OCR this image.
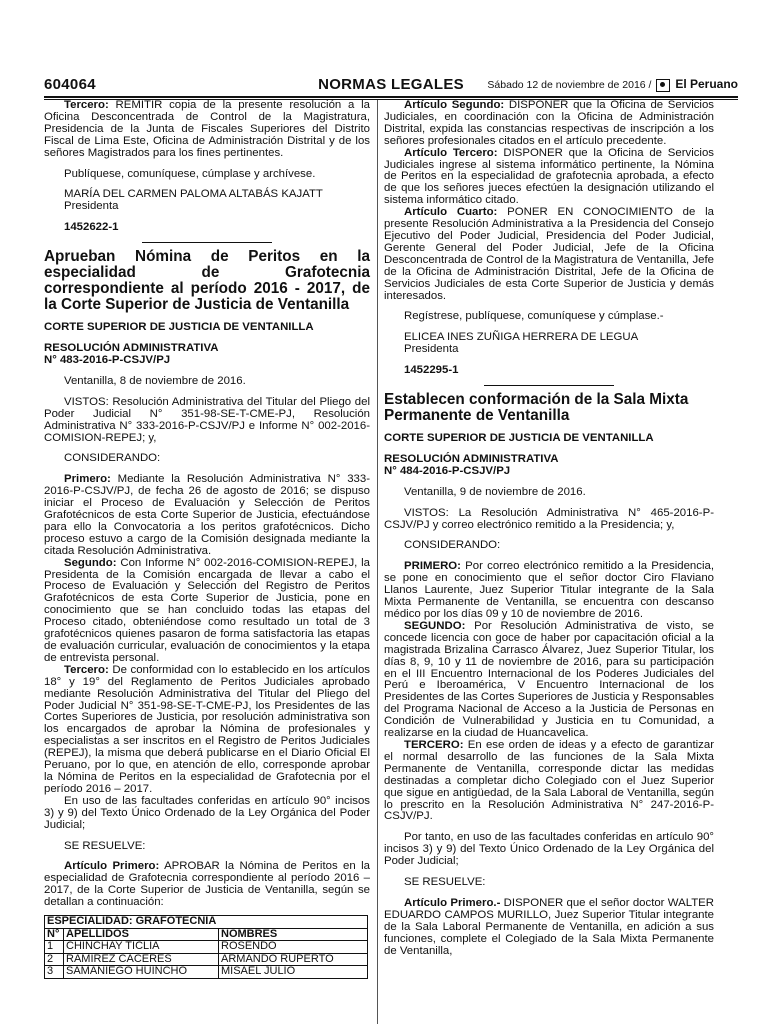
604064	NORMAS LEGALES	Sábado 12 de noviembre de 2016 / El Peruano

Tercero: REMITIR copia de la presente resolución a la Oficina Desconcentrada de Control de la Magistratura, Presidencia de la Junta de Fiscales Superiores del Distrito Fiscal de Lima Este, Oficina de Administración Distrital y de los señores Magistrados para los fines pertinentes.

Publíquese, comuníquese, cúmplase y archívese.

MARÍA DEL CARMEN PALOMA ALTABÁS KAJATT

Presidenta

1452622-1

Aprueban Nómina de Peritos en la especialidad de Grafotecnia correspondiente al período 2016 - 2017, de la Corte Superior de Justicia de Ventanilla

CORTE SUPERIOR DE JUSTICIA DE VENTANILLA

RESOLUCIÓN ADMINISTRATIVA

N° 483-2016-P-CSJV/PJ

Ventanilla, 8 de noviembre de 2016.

VISTOS: Resolución Administrativa del Titular del Pliego del Poder Judicial N° 351-98-SE-T-CME-PJ, Resolución Administrativa N° 333-2016-P-CSJV/PJ e Informe N° 002-2016-COMISION-REPEJ; y,

CONSIDERANDO:

Primero: Mediante la Resolución Administrativa N° 333-2016-P-CSJV/PJ, de fecha 26 de agosto de 2016; se dispuso iniciar el Proceso de Evaluación y Selección de Peritos Grafotécnicos de esta Corte Superior de Justicia, efectuándose para ello la Convocatoria a los peritos grafotécnicos. Dicho proceso estuvo a cargo de la Comisión designada mediante la citada Resolución Administrativa.

Segundo: Con Informe N° 002-2016-COMISION-REPEJ, la Presidenta de la Comisión encargada de llevar a cabo el Proceso de Evaluación y Selección del Registro de Peritos Grafotécnicos de esta Corte Superior de Justicia, pone en conocimiento que se han concluido todas las etapas del Proceso citado, obteniéndose como resultado un total de 3 grafotécnicos quienes pasaron de forma satisfactoria las etapas de evaluación curricular, evaluación de conocimientos y la etapa de entrevista personal.

Tercero: De conformidad con lo establecido en los artículos 18° y 19° del Reglamento de Peritos Judiciales aprobado mediante Resolución Administrativa del Titular del Pliego del Poder Judicial N° 351-98-SE-T-CME-PJ, los Presidentes de las Cortes Superiores de Justicia, por resolución administrativa son los encargados de aprobar la Nómina de profesionales y especialistas a ser inscritos en el Registro de Peritos Judiciales (REPEJ), la misma que deberá publicarse en el Diario Oficial El Peruano, por lo que, en atención de ello, corresponde aprobar la Nómina de Peritos en la especialidad de Grafotecnia por el período 2016 – 2017.

En uso de las facultades conferidas en artículo 90° incisos 3) y 9) del Texto Único Ordenado de la Ley Orgánica del Poder Judicial;

SE RESUELVE:

Artículo Primero: APROBAR la Nómina de Peritos en la especialidad de Grafotecnia correspondiente al período 2016 – 2017, de la Corte Superior de Justicia de Ventanilla, según se detallan a continuación:

ESPECIALIDAD: GRAFOTECNIA		
N°	APELLIDOS	NOMBRES
1	CHINCHAY TICLIA	ROSENDO
2	RAMIREZ CACERES	ARMANDO RUPERTO
3	SAMANIEGO HUINCHO	MISAEL JULIO

Artículo Segundo: DISPONER que la Oficina de Servicios Judiciales, en coordinación con la Oficina de Administración Distrital, expida las constancias respectivas de inscripción a los señores profesionales citados en el artículo precedente.

Artículo Tercero: DISPONER que la Oficina de Servicios Judiciales ingrese al sistema informático pertinente, la Nómina de Peritos en la especialidad de grafotecnia aprobada, a efecto de que los señores jueces efectúen la designación utilizando el sistema informático citado.

Artículo Cuarto: PONER EN CONOCIMIENTO de la presente Resolución Administrativa a la Presidencia del Consejo Ejecutivo del Poder Judicial, Presidencia del Poder Judicial, Gerente General del Poder Judicial, Jefe de la Oficina Desconcentrada de Control de la Magistratura de Ventanilla, Jefe de la Oficina de Administración Distrital, Jefe de la Oficina de Servicios Judiciales de esta Corte Superior de Justicia y demás interesados.

Regístrese, publíquese, comuníquese y cúmplase.-

ELICEA INES ZUÑIGA HERRERA DE LEGUA

Presidenta

1452295-1

Establecen conformación de la Sala Mixta Permanente de Ventanilla

CORTE SUPERIOR DE JUSTICIA DE VENTANILLA

RESOLUCIÓN ADMINISTRATIVA

N° 484-2016-P-CSJV/PJ

Ventanilla, 9 de noviembre de 2016.

VISTOS: La Resolución Administrativa N° 465-2016-P-CSJV/PJ y correo electrónico remitido a la Presidencia; y,

CONSIDERANDO:

PRIMERO: Por correo electrónico remitido a la Presidencia, se pone en conocimiento que el señor doctor Ciro Flaviano Llanos Laurente, Juez Superior Titular integrante de la Sala Mixta Permanente de Ventanilla, se encuentra con descanso médico por los días 09 y 10 de noviembre de 2016.

SEGUNDO: Por Resolución Administrativa de visto, se concede licencia con goce de haber por capacitación oficial a la magistrada Brizalina Carrasco Álvarez, Juez Superior Titular, los días 8, 9, 10 y 11 de noviembre de 2016, para su participación en el III Encuentro Internacional de los Poderes Judiciales del Perú e Iberoamérica, V Encuentro Internacional de los Presidentes de las Cortes Superiores de Justicia y Responsables del Programa Nacional de Acceso a la Justicia de Personas en Condición de Vulnerabilidad y Justicia en tu Comunidad, a realizarse en la ciudad de Huancavelica.

TERCERO: En ese orden de ideas y a efecto de garantizar el normal desarrollo de las funciones de la Sala Mixta Permanente de Ventanilla, corresponde dictar las medidas destinadas a completar dicho Colegiado con el Juez Superior que sigue en antigüedad, de la Sala Laboral de Ventanilla, según lo prescrito en la Resolución Administrativa N° 247-2016-P-CSJV/PJ.

Por tanto, en uso de las facultades conferidas en artículo 90° incisos 3) y 9) del Texto Único Ordenado de la Ley Orgánica del Poder Judicial;

SE RESUELVE:

Artículo Primero.- DISPONER que el señor doctor WALTER EDUARDO CAMPOS MURILLO, Juez Superior Titular integrante de la Sala Laboral Permanente de Ventanilla, en adición a sus funciones, complete el Colegiado de la Sala Mixta Permanente de Ventanilla,
